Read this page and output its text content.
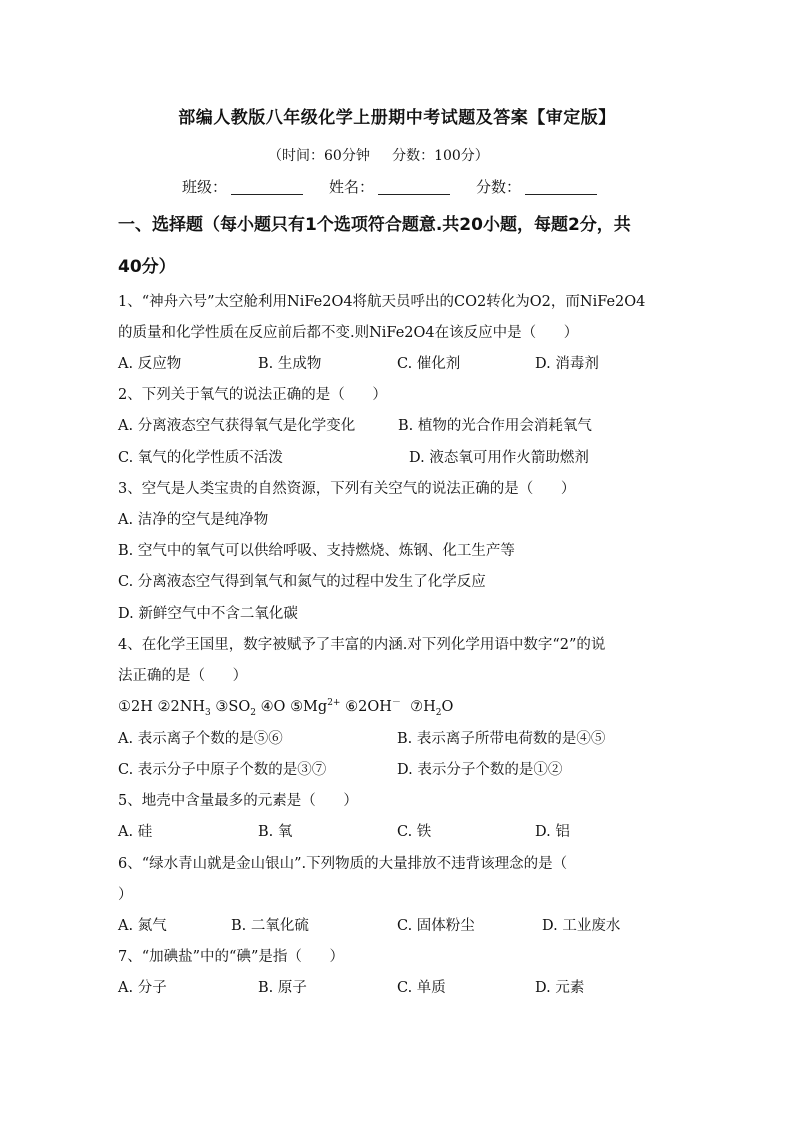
部编人教版八年级化学上册期中考试题及答案【审定版】
（时间：60分钟     分数：100分）
班级：	姓名：	分数：
一、选择题（每小题只有1个选项符合题意.共20小题，每题2分，共
40分）
1、“神舟六号”太空舱利用NiFe2O4将航天员呼出的CO2转化为O2，而NiFe2O4
的质量和化学性质在反应前后都不变.则NiFe2O4在该反应中是（      ）
A. 反应物	B. 生成物	C. 催化剂	D. 消毒剂
2、下列关于氧气的说法正确的是（      ）
A. 分离液态空气获得氧气是化学变化	B. 植物的光合作用会消耗氧气
C. 氧气的化学性质不活泼	D. 液态氧可用作火箭助燃剂
3、空气是人类宝贵的自然资源，下列有关空气的说法正确的是（      ）
A. 洁净的空气是纯净物
B. 空气中的氧气可以供给呼吸、支持燃烧、炼钢、化工生产等
C. 分离液态空气得到氧气和氮气的过程中发生了化学反应
D. 新鲜空气中不含二氧化碳
4、在化学王国里，数字被赋予了丰富的内涵.对下列化学用语中数字“2”的说
法正确的是（      ）
①2H $②2NH_3$ $③SO_2$ ④O $⑤Mg^{2+}$ ⑥2OH－ $⑦H_2O$
A. 表示离子个数的是⑤⑥	B. 表示离子所带电荷数的是④⑤
C. 表示分子中原子个数的是③⑦	D. 表示分子个数的是①②
5、地壳中含量最多的元素是（      ）
A. 硅	B. 氧	C. 铁	D. 铝
6、“绿水青山就是金山银山”.下列物质的大量排放不违背该理念的是（
）
A. 氮气	B. 二氧化硫	C. 固体粉尘	D. 工业废水
7、“加碘盐”中的“碘”是指（      ）
A. 分子	B. 原子	C. 单质	D. 元素
